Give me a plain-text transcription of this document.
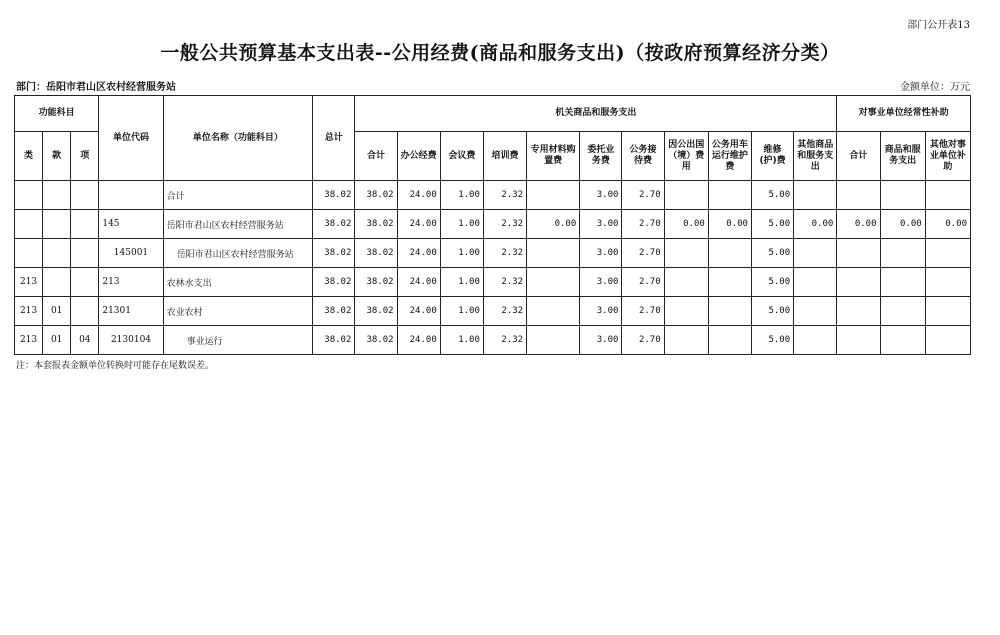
部门公开表13
一般公共预算基本支出表--公用经费(商品和服务支出)（按政府预算经济分类）
部门：岳阳市君山区农村经营服务站	金额单位：万元
功能科目			单位代码	单位名称（功能科目）	总计	机关商品和服务支出											对事业单位经常性补助		
类	款	项				合计	办公经费	会议费	培训费	专用材料购置费	委托业务费	公务接待费	因公出国（境）费用	公务用车运行维护费	维修(护)费	其他商品和服务支出	合计	商品和服务支出	其他对事业单位补助
				合计	38.02	38.02	24.00	1.00	2.32		3.00	2.70			5.00				
			145	岳阳市君山区农村经营服务站	38.02	38.02	24.00	1.00	2.32	0.00	3.00	2.70	0.00	0.00	5.00	0.00	0.00	0.00	0.00
			145001	岳阳市君山区农村经营服务站	38.02	38.02	24.00	1.00	2.32		3.00	2.70			5.00				
213			213	农林水支出	38.02	38.02	24.00	1.00	2.32		3.00	2.70			5.00				
213	01		21301	农业农村	38.02	38.02	24.00	1.00	2.32		3.00	2.70			5.00				
213	01	04	2130104	事业运行	38.02	38.02	24.00	1.00	2.32		3.00	2.70			5.00				
注：本套报表金额单位转换时可能存在尾数误差。
